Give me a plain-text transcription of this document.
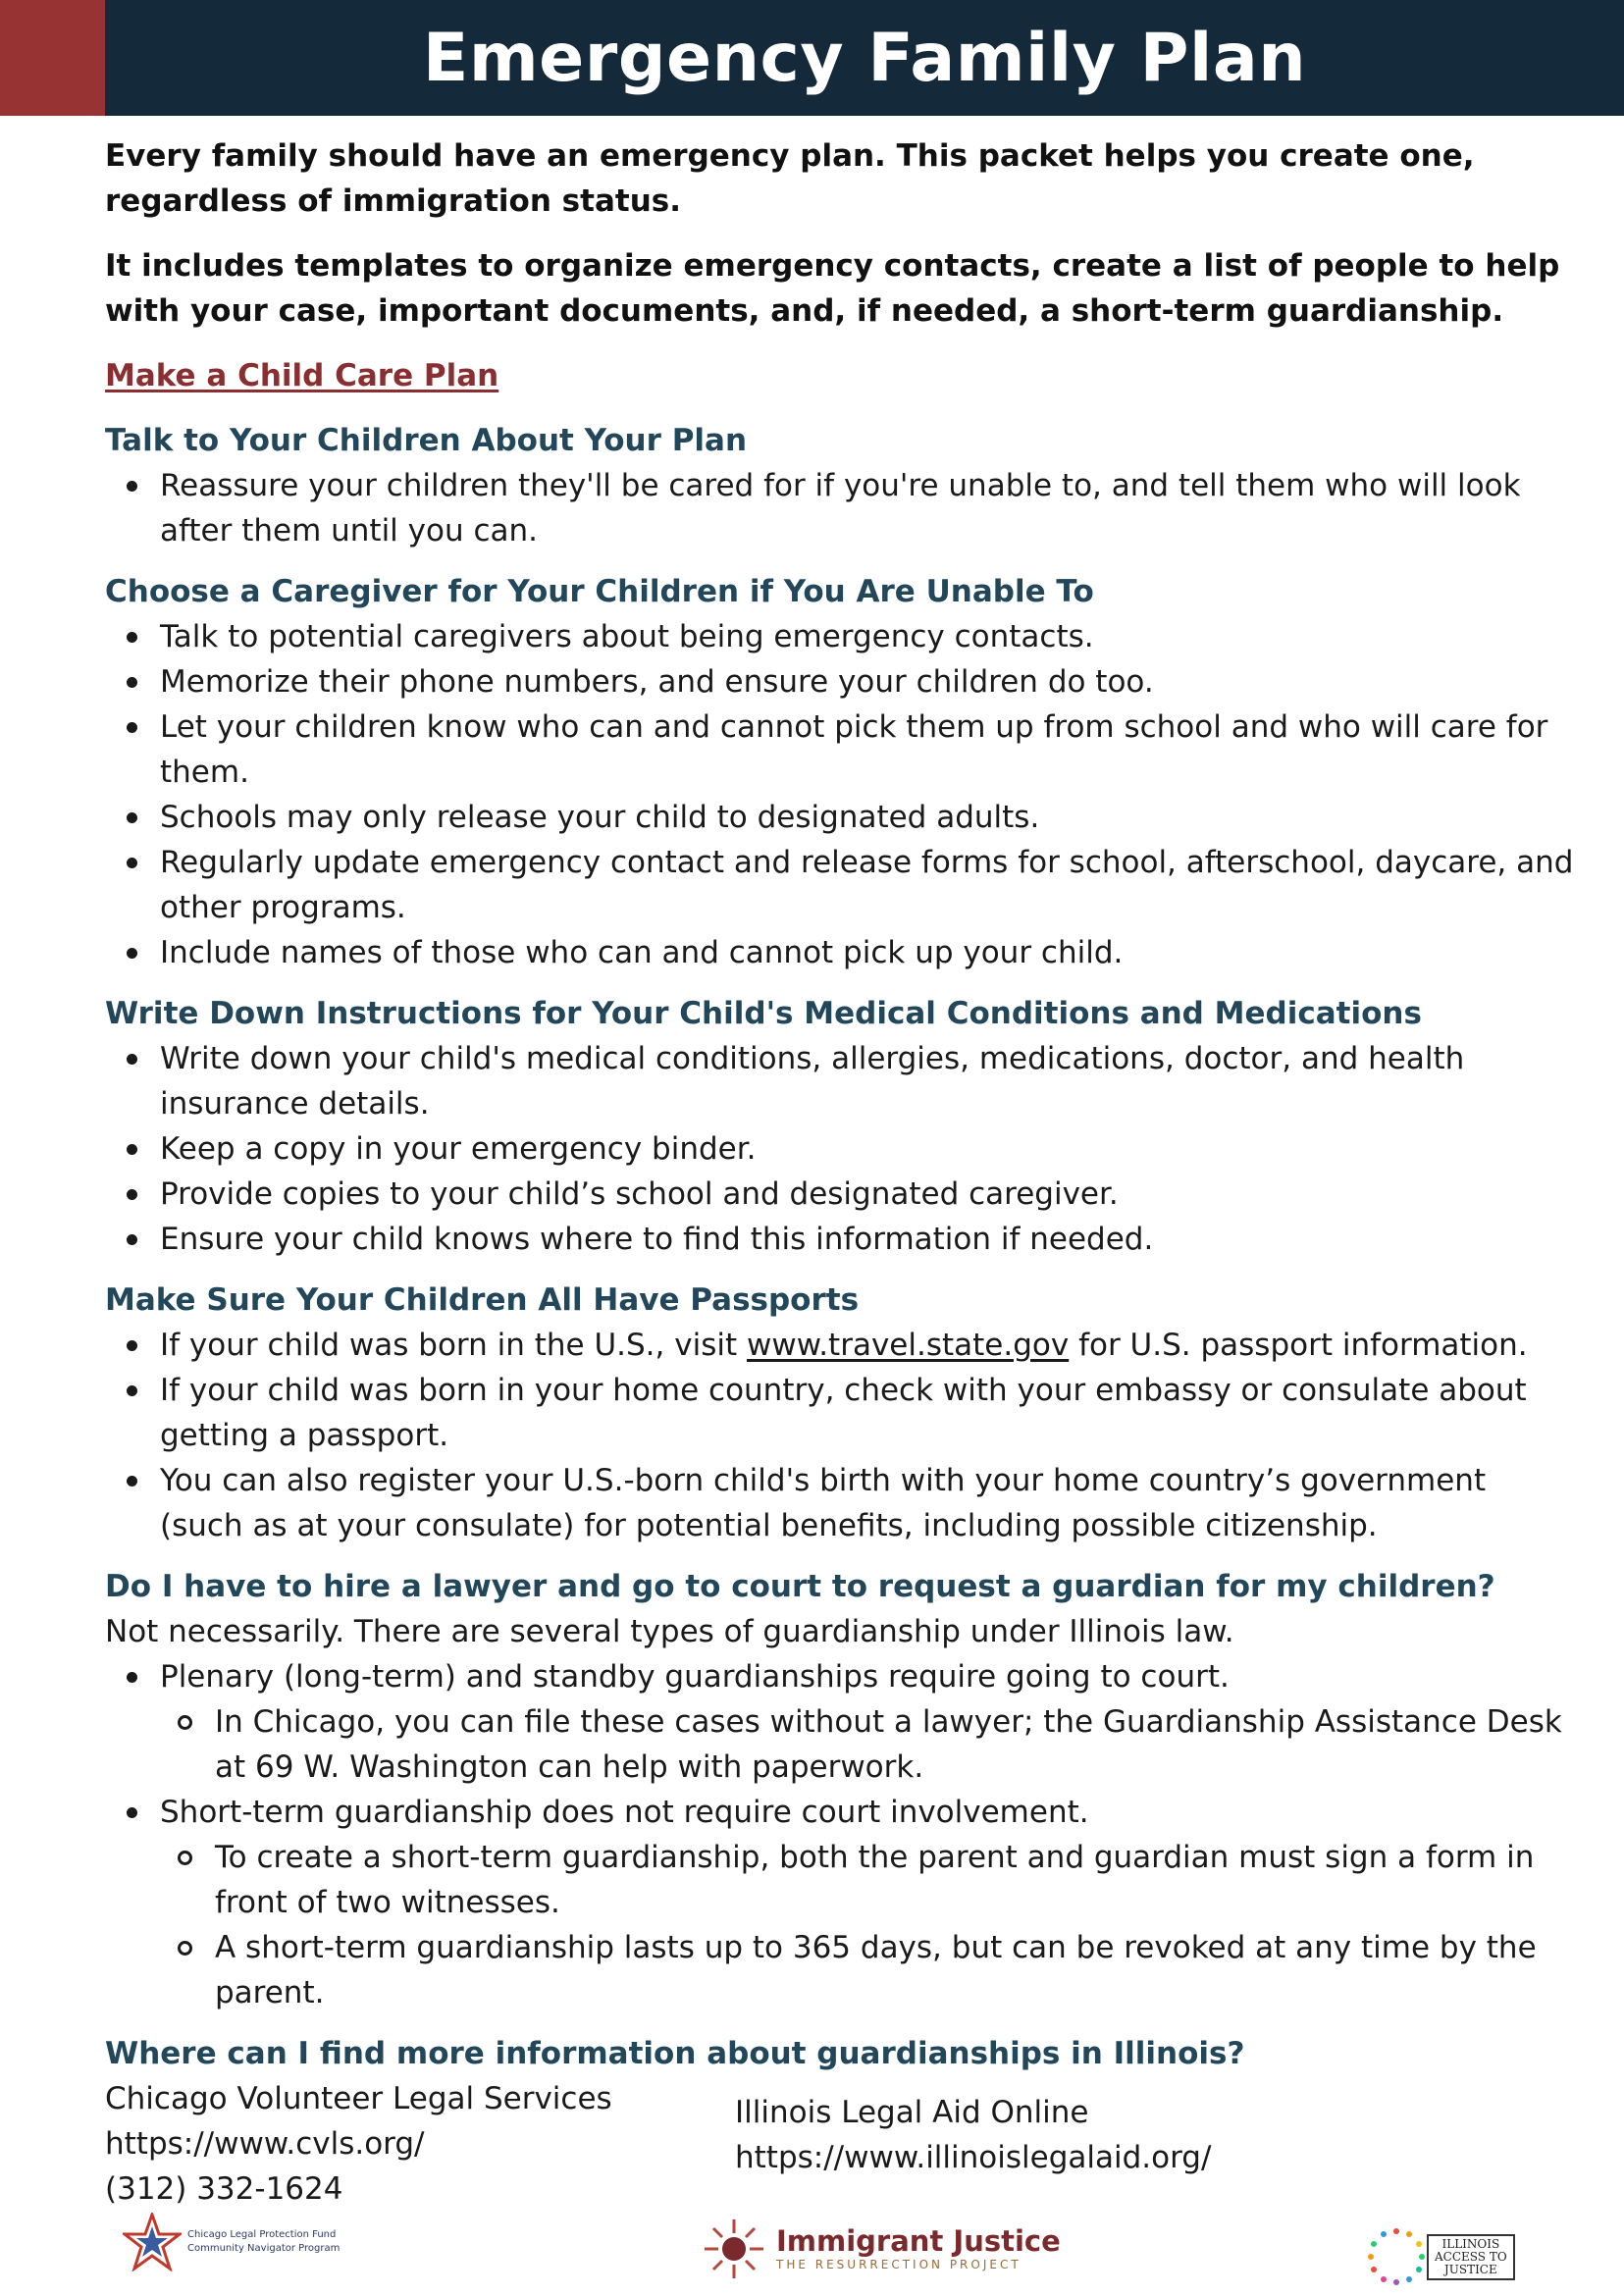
Emergency Family Plan

Every family should have an emergency plan. This packet helps you create one, regardless of immigration status.

It includes templates to organize emergency contacts, create a list of people to help with your case, important documents, and, if needed, a short-term guardianship.

Make a Child Care Plan
Talk to Your Children About Your Plan
Reassure your children they'll be cared for if you're unable to, and tell them who will look after them until you can.
Choose a Caregiver for Your Children if You Are Unable To
Talk to potential caregivers about being emergency contacts.
Memorize their phone numbers, and ensure your children do too.
Let your children know who can and cannot pick them up from school and who will care for them.
Schools may only release your child to designated adults.
Regularly update emergency contact and release forms for school, afterschool, daycare, and other programs.
Include names of those who can and cannot pick up your child.
Write Down Instructions for Your Child's Medical Conditions and Medications
Write down your child's medical conditions, allergies, medications, doctor, and health insurance details.
Keep a copy in your emergency binder.
Provide copies to your child’s school and designated caregiver.
Ensure your child knows where to find this information if needed.
Make Sure Your Children All Have Passports
If your child was born in the U.S., visit www.travel.state.gov for U.S. passport information.
If your child was born in your home country, check with your embassy or consulate about getting a passport.
You can also register your U.S.-born child's birth with your home country’s government (such as at your consulate) for potential benefits, including possible citizenship.
Do I have to hire a lawyer and go to court to request a guardian for my children?

Not necessarily. There are several types of guardianship under Illinois law.

Plenary (long-term) and standby guardianships require going to court.
In Chicago, you can file these cases without a lawyer; the Guardianship Assistance Desk at 69 W. Washington can help with paperwork.
Short-term guardianship does not require court involvement.
To create a short-term guardianship, both the parent and guardian must sign a form in front of two witnesses.
A short-term guardianship lasts up to 365 days, but can be revoked at any time by the parent.
Where can I find more information about guardianships in Illinois?

Chicago Volunteer Legal Services

https://www.cvls.org/

(312) 332-1624

Illinois Legal Aid Online

https://www.illinoislegalaid.org/

Chicago Legal Protection Fund
Community Navigator Program	Immigrant Justice
THE RESURRECTION PROJECT
ILLINOIS
ACCESS TO
JUSTICE
